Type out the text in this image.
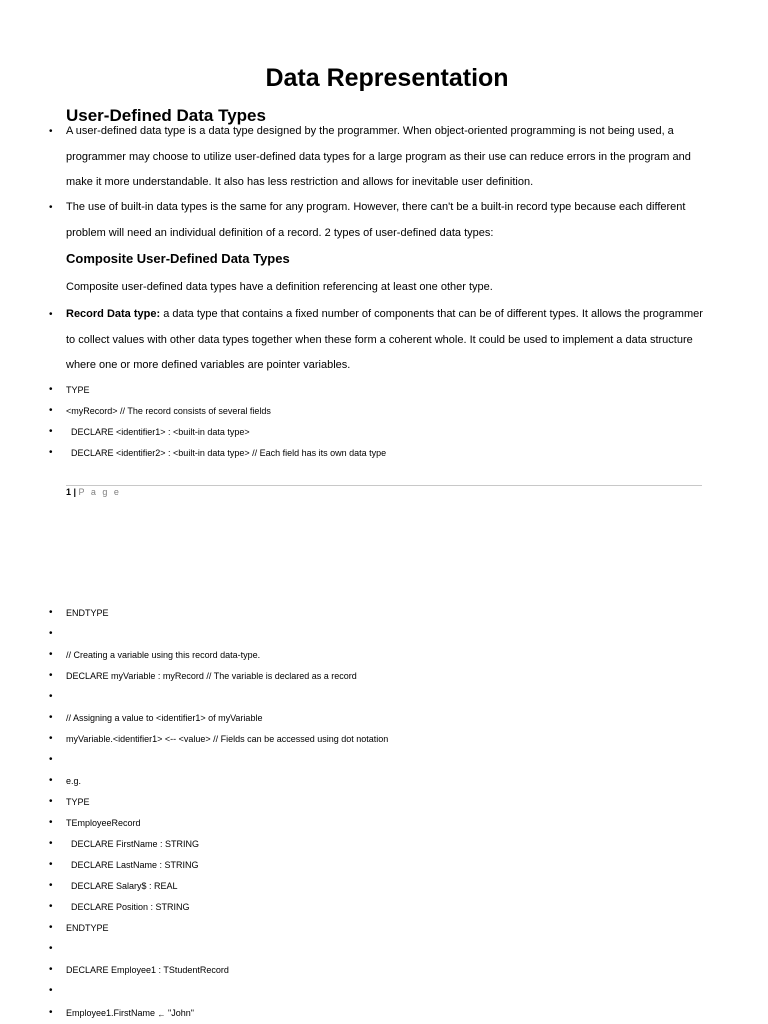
Data Representation
User-Defined Data Types

• A user-defined data type is a data type designed by the programmer. When object-oriented programming is not being used, a programmer may choose to utilize user-defined data types for a large program as their use can reduce errors in the program and make it more understandable. It also has less restriction and allows for inevitable user definition.

• The use of built-in data types is the same for any program. However, there can't be a built-in record type because each different problem will need an individual definition of a record. 2 types of user-defined data types:

Composite User-Defined Data Types

Composite user-defined data types have a definition referencing at least one other type.

• Record Data type: a data type that contains a fixed number of components that can be of different types. It allows the programmer to collect values with other data types together when these form a coherent whole. It could be used to implement a data structure where one or more defined variables are pointer variables.

• TYPE
• <myRecord> // The record consists of several fields
•   DECLARE <identifier1> : <built-in data type>
•   DECLARE <identifier2> : <built-in data type> // Each field has its own data type
1 | P a g e
• ENDTYPE
• // Creating a variable using this record data-type.
• DECLARE myVariable : myRecord // The variable is declared as a record
• // Assigning a value to <identifier1> of myVariable
• myVariable.<identifier1> <-- <value> // Fields can be accessed using dot notation
• e.g.
• TYPE
• TEmployeeRecord
•   DECLARE FirstName : STRING
•   DECLARE LastName : STRING
•   DECLARE Salary$ : REAL
•   DECLARE Position : STRING
• ENDTYPE
• DECLARE Employee1 : TStudentRecord
• Employee1.FirstName ← "John"
